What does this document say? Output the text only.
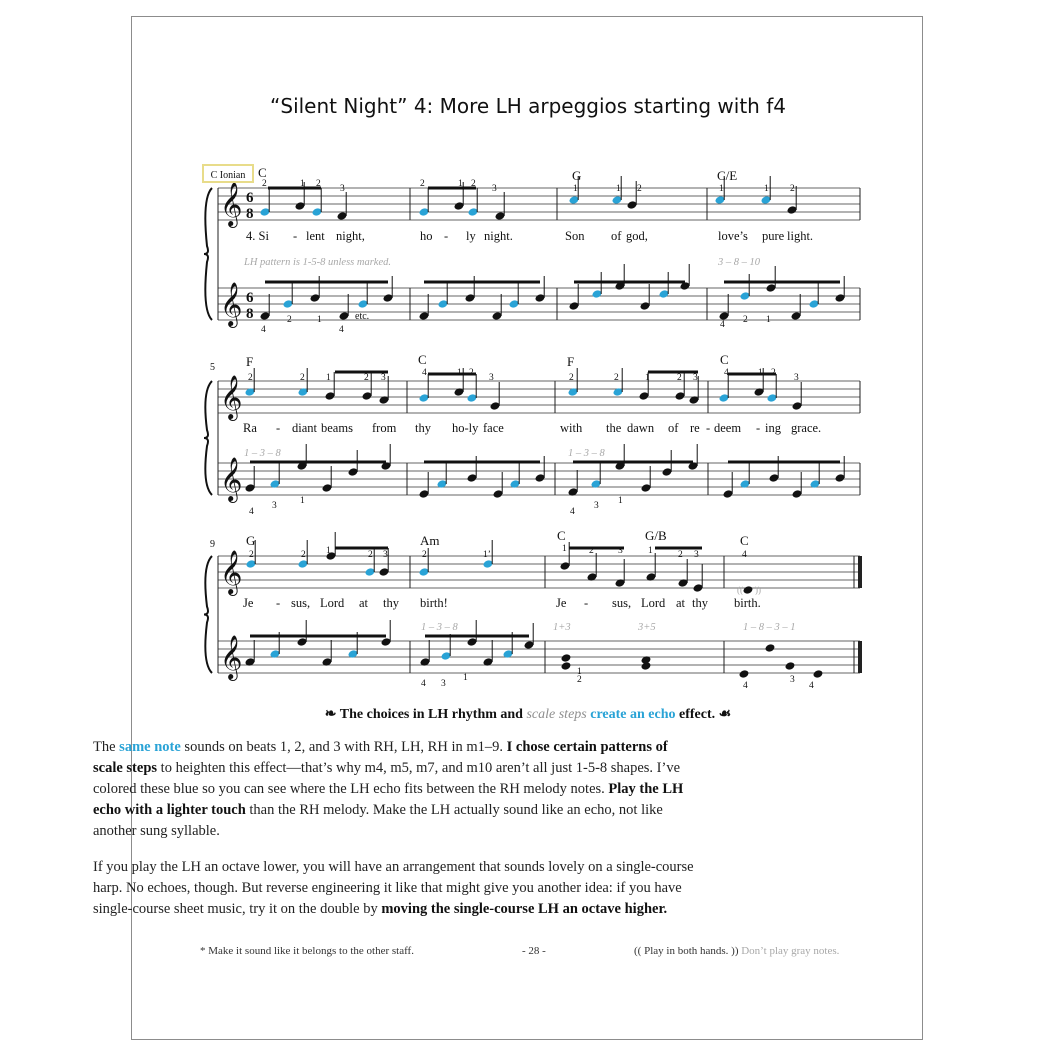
“Silent Night” 4: More LH arpeggios starting with f4
𝄞
𝄞
6
8
6
8
𝄞
𝄞
𝄞
𝄞
C Ionian
5
9
C	G	C/E
F	C	F	C
G	Am	C	G/B	C
4. Si - lent night,	ho - ly night.	Son of god,	love’s pure light.
Ra - diant beams from thy ho-ly face	with the dawn of re - deem - ing grace.
Je - sus, Lord at thy birth!	Je - sus, Lord at thy birth.
LH pattern is 1-5-8 unless marked.	3 – 8 – 10
1 – 3 – 8	1 – 3 – 8
1 – 3 – 8	1+3	3+5	1 – 8 – 3 – 1
etc.
(( ))
2	1 2 3	2	1 2 3	1	1 2	1	1 2
4
2	1
4	4 2 1
2	2 1	2 3	4	1 2 3	2	2	1	2 3	4	1 2 3
4
3 1
4
3 1
2	2 1	2 3	2	1’
1 2	3	1	2 3	4
4 3
1
1
2
4
3
4
❧ The choices in LH rhythm and scale steps create an echo effect. ☙
The same note sounds on beats 1, 2, and 3 with RH, LH, RH in m1–9. I chose certain patterns of scale steps to heighten this effect—that’s why m4, m5, m7, and m10 aren’t all just 1-5-8 shapes. I’ve colored these blue so you can see where the LH echo fits between the RH melody notes. Play the LH echo with a lighter touch than the RH melody. Make the LH actually sound like an echo, not like another sung syllable.
If you play the LH an octave lower, you will have an arrangement that sounds lovely on a single-course harp. No echoes, though. But reverse engineering it like that might give you another idea: if you have single-course sheet music, try it on the double by moving the single-course LH an octave higher.
* Make it sound like it belongs to the other staff.	- 28 -	(( Play in both hands. )) Don’t play gray notes.
